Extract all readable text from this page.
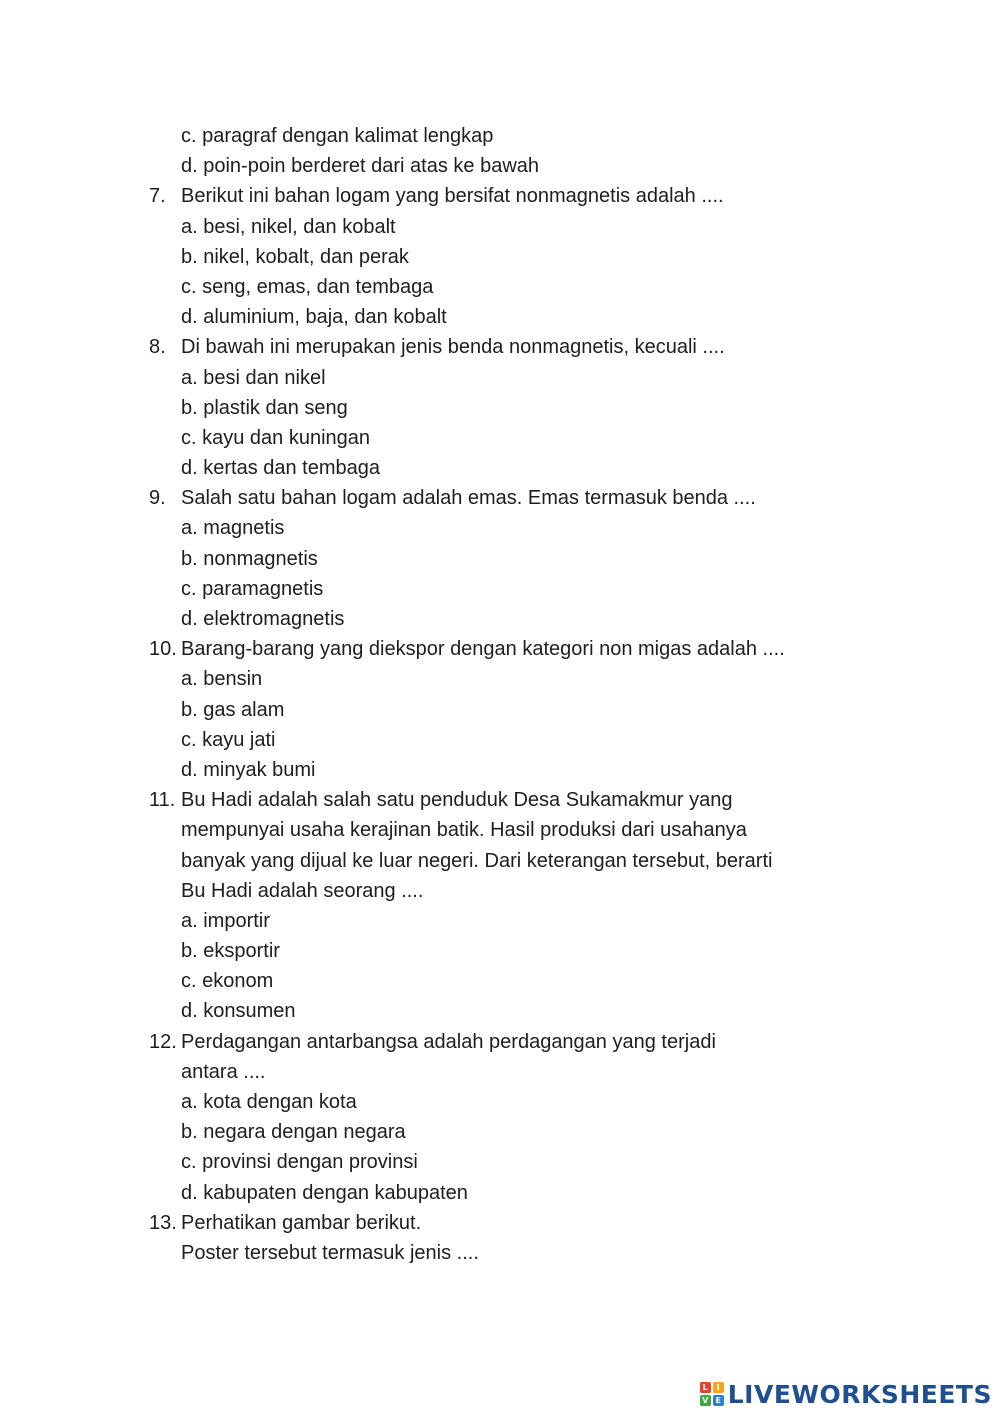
c. paragraf dengan kalimat lengkap
d. poin-poin berderet dari atas ke bawah
7. Berikut ini bahan logam yang bersifat nonmagnetis adalah ....
a. besi, nikel, dan kobalt
b. nikel, kobalt, dan perak
c. seng, emas, dan tembaga
d. aluminium, baja, dan kobalt
8. Di bawah ini merupakan jenis benda nonmagnetis, kecuali ....
a. besi dan nikel
b. plastik dan seng
c. kayu dan kuningan
d. kertas dan tembaga
9. Salah satu bahan logam adalah emas. Emas termasuk benda ....
a. magnetis
b. nonmagnetis
c. paramagnetis
d. elektromagnetis
10. Barang-barang yang diekspor dengan kategori non migas adalah ....
a. bensin
b. gas alam
c. kayu jati
d. minyak bumi
11. Bu Hadi adalah salah satu penduduk Desa Sukamakmur yang
mempunyai usaha kerajinan batik. Hasil produksi dari usahanya
banyak yang dijual ke luar negeri. Dari keterangan tersebut, berarti
Bu Hadi adalah seorang ....
a. importir
b. eksportir
c. ekonom
d. konsumen
12. Perdagangan antarbangsa adalah perdagangan yang terjadi
antara ....
a. kota dengan kota
b. negara dengan negara
c. provinsi dengan provinsi
d. kabupaten dengan kabupaten
13. Perhatikan gambar berikut.
Poster tersebut termasuk jenis ....
L	I
V E LIVEWORKSHEETS
